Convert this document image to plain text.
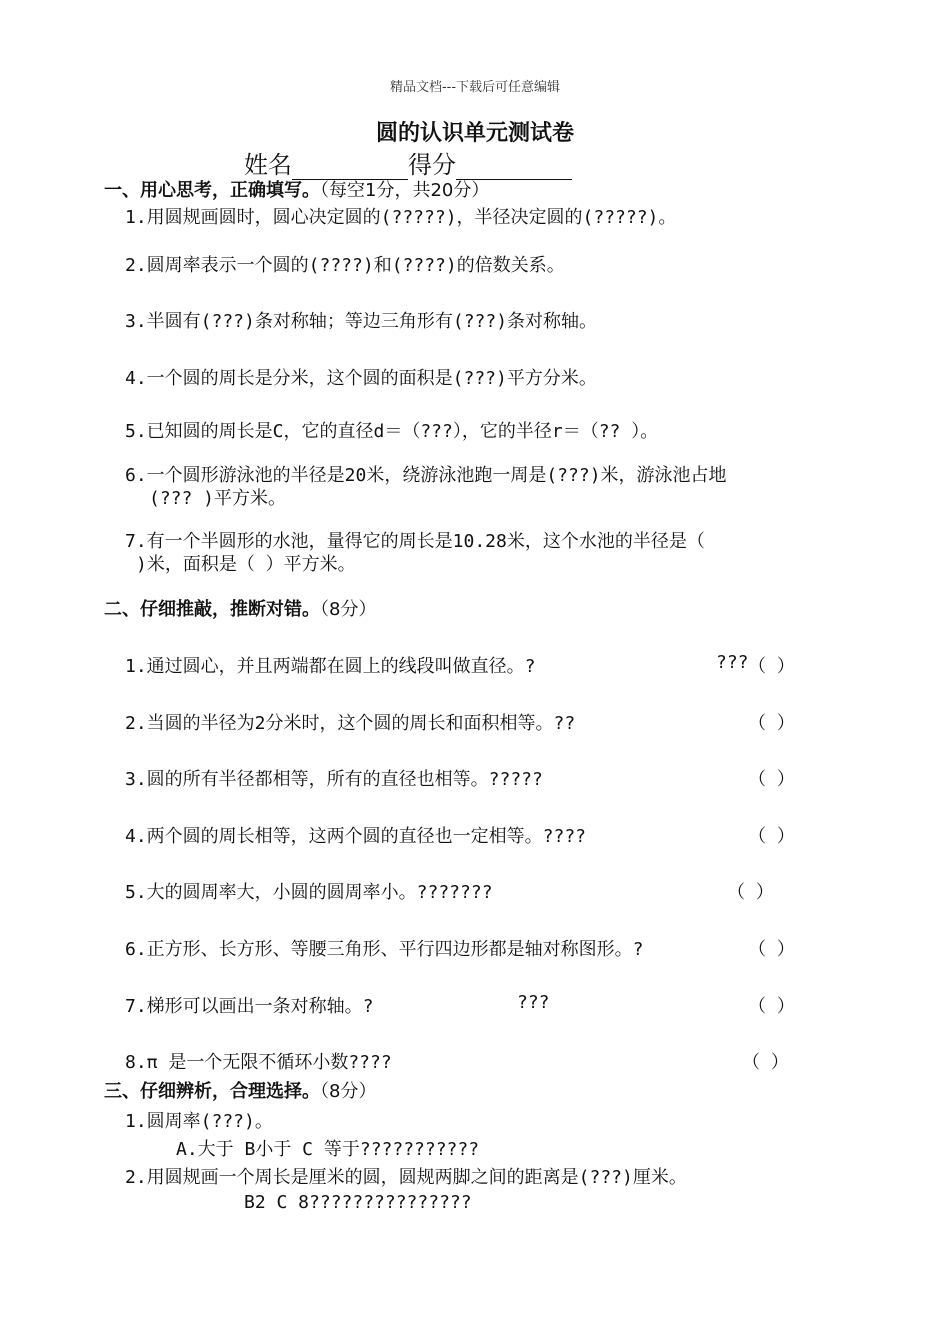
精品文档---下载后可任意编辑
圆的认识单元测试卷
姓名	得分
一、用心思考，正确填写。（每空1分，共20分）
1.用圆规画圆时，圆心决定圆的(?????)，半径决定圆的(?????)。
2.圆周率表示一个圆的(????)和(????)的倍数关系。
3.半圆有(???)条对称轴；等边三角形有(???)条对称轴。
4.一个圆的周长是分米，这个圆的面积是(???)平方分米。
5.已知圆的周长是C，它的直径d＝（???），它的半径r＝（?? ）。
6.一个圆形游泳池的半径是20米，绕游泳池跑一周是(???)米，游泳池占地
(??? )平方米。
7.有一个半圆形的水池，量得它的周长是10.28米，这个水池的半径是（
)米，面积是（ ）平方米。
二、仔细推敲，推断对错。（8分）
1.通过圆心，并且两端都在圆上的线段叫做直径。?	??? （ ）
2.当圆的半径为2分米时，这个圆的周长和面积相等。??	（ ）
3.圆的所有半径都相等，所有的直径也相等。?????	（ ）
4.两个圆的周长相等，这两个圆的直径也一定相等。????	（ ）
5.大的圆周率大，小圆的圆周率小。???????	（ ）
6.正方形、长方形、等腰三角形、平行四边形都是轴对称图形。?	（ ）
7.梯形可以画出一条对称轴。?	???	（ ）
8.π 是一个无限不循环小数????	（ ）
三、仔细辨析，合理选择。（8分）
1.圆周率(???)。
A.大于 B小于 C 等于???????????
2.用圆规画一个周长是厘米的圆，圆规两脚之间的距离是(???)厘米。
B2 C 8???????????????
